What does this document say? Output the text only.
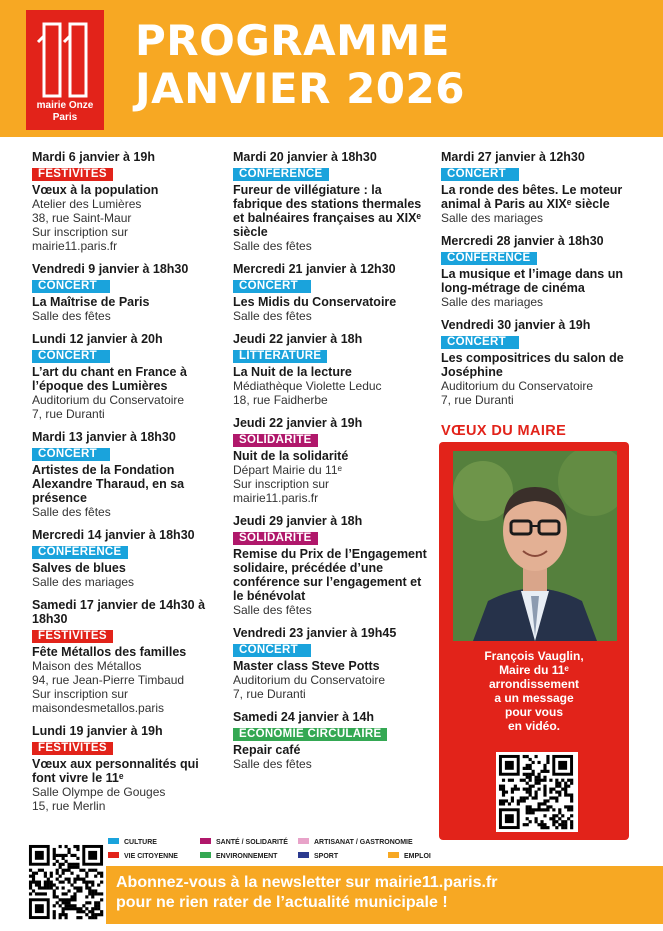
mairie Onze
Paris
PROGRAMME
JANVIER 2026
Mardi 6 janvier à 19h
FESTIVITÉS
Vœux à la population
Atelier des Lumières
38, rue Saint-Maur
Sur inscription sur
mairie11.paris.fr
Vendredi 9 janvier à 18h30
CONCERT
La Maîtrise de Paris
Salle des fêtes
Lundi 12 janvier à 20h
CONCERT
L’art du chant en France à l’époque des Lumières
Auditorium du Conservatoire
7, rue Duranti
Mardi 13 janvier à 18h30
CONCERT
Artistes de la Fondation Alexandre Tharaud, en sa présence
Salle des fêtes
Mercredi 14 janvier à 18h30
CONFÉRENCE
Salves de blues
Salle des mariages
Samedi 17 janvier de 14h30 à 18h30
FESTIVITÉS
Fête Métallos des familles
Maison des Métallos
94, rue Jean-Pierre Timbaud
Sur inscription sur
maisondesmetallos.paris
Lundi 19 janvier à 19h
FESTIVITÉS
Vœux aux personnalités qui font vivre le 11ᵉ
Salle Olympe de Gouges
15, rue Merlin
Mardi 20 janvier à 18h30
CONFÉRENCE
Fureur de villégiature : la fabrique des stations thermales et balnéaires françaises au XIXᵉ siècle
Salle des fêtes
Mercredi 21 janvier à 12h30
CONCERT
Les Midis du Conservatoire
Salle des fêtes
Jeudi 22 janvier à 18h
LITTÉRATURE
La Nuit de la lecture
Médiathèque Violette Leduc
18, rue Faidherbe
Jeudi 22 janvier à 19h
SOLIDARITÉ
Nuit de la solidarité
Départ Mairie du 11ᵉ
Sur inscription sur
mairie11.paris.fr
Jeudi 29 janvier à 18h
SOLIDARITÉ
Remise du Prix de l’Engagement solidaire, précédée d’une conférence sur l’engagement et le bénévolat
Salle des fêtes
Vendredi 23 janvier à 19h45
CONCERT
Master class Steve Potts
Auditorium du Conservatoire
7, rue Duranti
Samedi 24 janvier à 14h
ÉCONOMIE CIRCULAIRE
Repair café
Salle des fêtes
Mardi 27 janvier à 12h30
CONCERT
La ronde des bêtes. Le moteur animal à Paris au XIXᵉ siècle
Salle des mariages
Mercredi 28 janvier à 18h30
CONFÉRENCE
La musique et l’image dans un long-métrage de cinéma
Salle des mariages
Vendredi 30 janvier à 19h
CONCERT
Les compositrices du salon de Joséphine
Auditorium du Conservatoire
7, rue Duranti
VŒUX DU MAIRE
François Vauglin,
Maire du 11ᵉ
arrondissement
a un message
pour vous
en vidéo.
CULTURE	SANTÉ / SOLIDARITÉ	ARTISANAT / GASTRONOMIE
VIE CITOYENNE	ENVIRONNEMENT	SPORT	EMPLOI
Abonnez-vous à la newsletter sur mairie11.paris.fr
pour ne rien rater de l’actualité municipale !
